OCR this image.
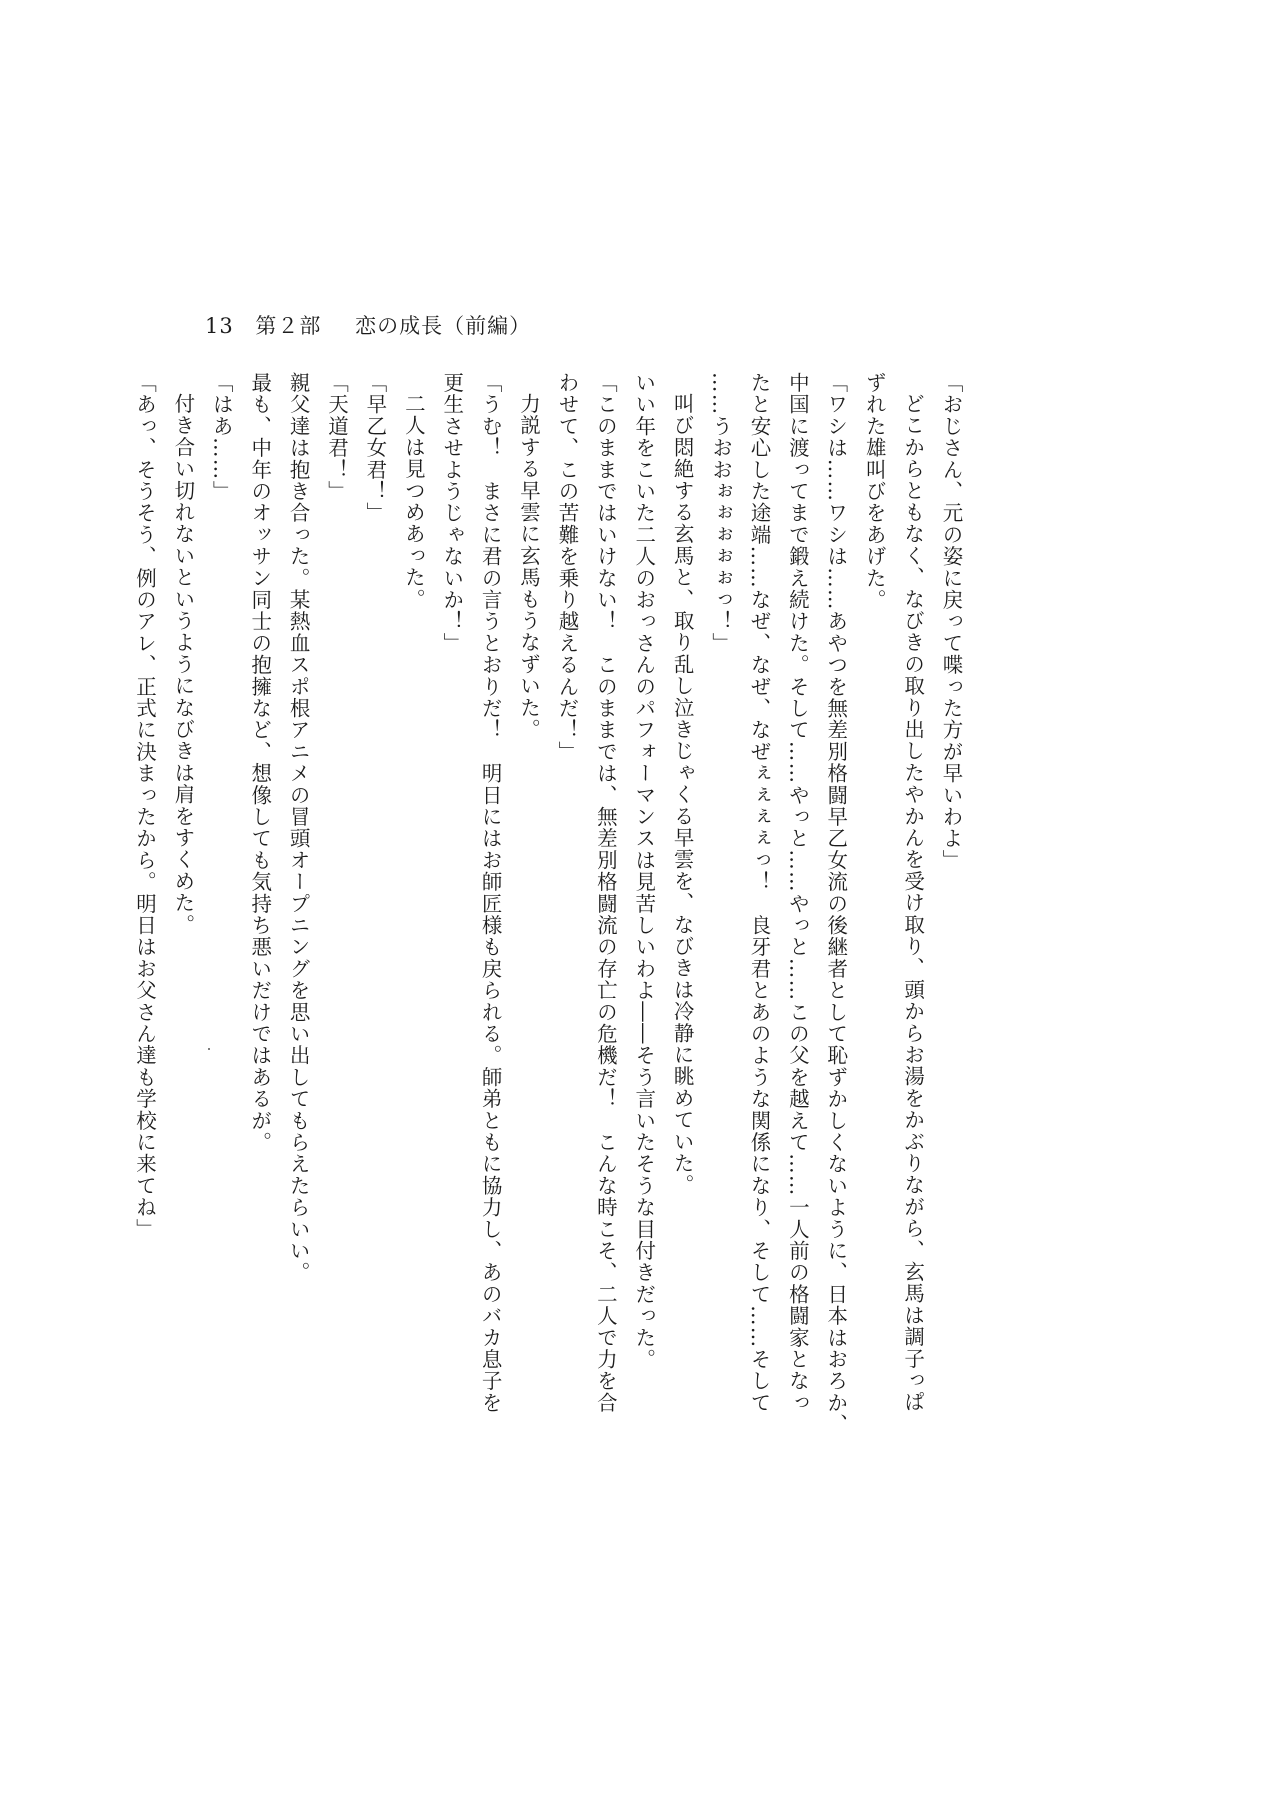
13 第２部 恋の成長（前編）

「おじさん、元の姿に戻って喋った方が早いわよ」

どこからともなく、なびきの取り出したやかんを受け取り、頭からお湯をかぶりながら、玄馬は調子っぱ

ずれた雄叫びをあげた。

「ワシは……ワシは……あやつを無差別格闘早乙女流の後継者として恥ずかしくないように、日本はおろか、

中国に渡ってまで鍛え続けた。そして……やっと……やっと……この父を越えて……一人前の格闘家となっ

たと安心した途端……なぜ、なぜ、なぜぇぇぇぇっ！　良牙君とあのような関係になり、そして……そして

……うおおぉぉぉぉぉっ！」

叫び悶絶する玄馬と、取り乱し泣きじゃくる早雲を、なびきは冷静に眺めていた。

いい年をこいた二人のおっさんのパフォーマンスは見苦しいわよ――そう言いたそうな目付きだった。

「このままではいけない！　このままでは、無差別格闘流の存亡の危機だ！　こんな時こそ、二人で力を合

わせて、この苦難を乗り越えるんだ！」

力説する早雲に玄馬もうなずいた。

「うむ！　まさに君の言うとおりだ！　明日にはお師匠様も戻られる。師弟ともに協力し、あのバカ息子を

更生させようじゃないか！」

二人は見つめあった。

「早乙女君！」

「天道君！」

親父達は抱き合った。某熱血スポ根アニメの冒頭オープニングを思い出してもらえたらいい。

最も、中年のオッサン同士の抱擁など、想像しても気持ち悪いだけではあるが。

「はあ……」

付き合い切れないというようになびきは肩をすくめた。

「あっ、そうそう、例のアレ、正式に決まったから。明日はお父さん達も学校に来てね」
